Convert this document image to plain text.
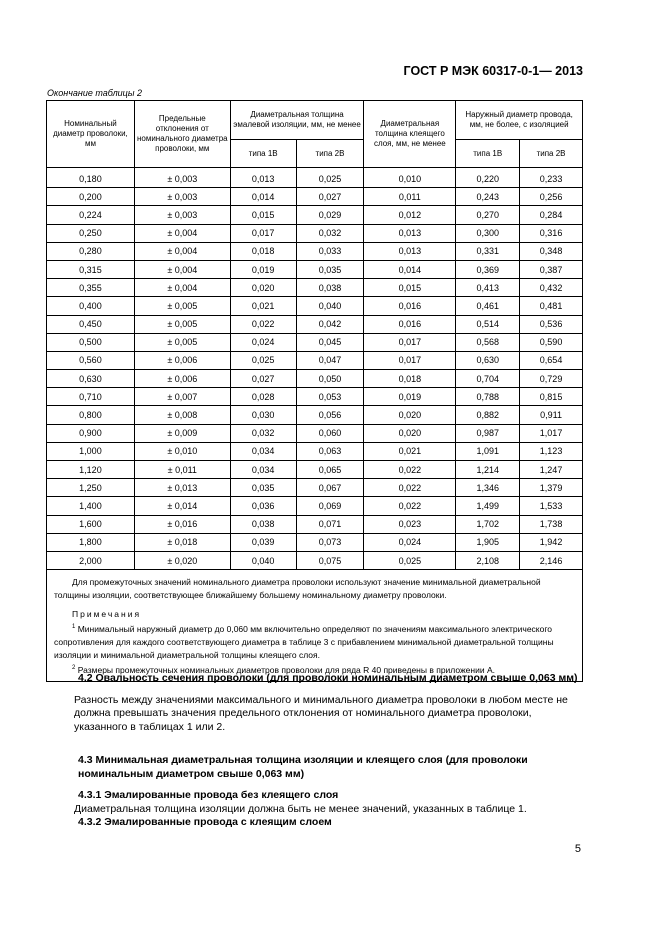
ГОСТ Р МЭК 60317-0-1— 2013
Окончание таблицы 2
Номинальный диаметр проволоки, мм	Предельные отклонения от номинального диаметра проволоки, мм	Диаметральная толщина эмалевой изоляции, мм, не менее		Диаметральная толщина клеящего слоя, мм, не менее	Наружный диаметр провода, мм, не более, с изоляцией	
		типа 1В	типа 2В		типа 1В	типа 2В
0,180	± 0,003	0,013	0,025	0,010	0,220	0,233
0,200	± 0,003	0,014	0,027	0,011	0,243	0,256
0,224	± 0,003	0,015	0,029	0,012	0,270	0,284
0,250	± 0,004	0,017	0,032	0,013	0,300	0,316
0,280	± 0,004	0,018	0,033	0,013	0,331	0,348
0,315	± 0,004	0,019	0,035	0,014	0,369	0,387
0,355	± 0,004	0,020	0,038	0,015	0,413	0,432
0,400	± 0,005	0,021	0,040	0,016	0,461	0,481
0,450	± 0,005	0,022	0,042	0,016	0,514	0,536
0,500	± 0,005	0,024	0,045	0,017	0,568	0,590
0,560	± 0,006	0,025	0,047	0,017	0,630	0,654
0,630	± 0,006	0,027	0,050	0,018	0,704	0,729
0,710	± 0,007	0,028	0,053	0,019	0,788	0,815
0,800	± 0,008	0,030	0,056	0,020	0,882	0,911
0,900	± 0,009	0,032	0,060	0,020	0,987	1,017
1,000	± 0,010	0,034	0,063	0,021	1,091	1,123
1,120	± 0,011	0,034	0,065	0,022	1,214	1,247
1,250	± 0,013	0,035	0,067	0,022	1,346	1,379
1,400	± 0,014	0,036	0,069	0,022	1,499	1,533
1,600	± 0,016	0,038	0,071	0,023	1,702	1,738
1,800	± 0,018	0,039	0,073	0,024	1,905	1,942
2,000	± 0,020	0,040	0,075	0,025	2,108	2,146

Для промежуточных значений номинального диаметра проволоки используют значение минимальной диаметральной толщины изоляции, соответствующее ближайшему большему номинальному диаметру проволоки.

Примечания

$^1$ Минимальный наружный диаметр до 0,060 мм включительно определяют по значениям максимального электрического сопротивления для каждого соответствующего диаметра в таблице 3 с прибавлением минимальной диаметральной толщины изоляции и минимальной диаметральной толщины клеящего слоя.

$^2$ Размеры промежуточных номинальных диаметров проволоки для ряда R 40 приведены в приложении А.						

4.2 Овальность сечения проволоки (для проволоки номинальным диаметром свыше 0,063 мм)

Разность между значениями максимального и минимального диаметра проволоки в любом месте не должна превышать значения предельного отклонения от номинального диаметра проволоки, указанного в таблицах 1 или 2.

4.3 Минимальная диаметральная толщина изоляции и клеящего слоя (для проволоки номинальным диаметром свыше 0,063 мм)

4.3.1 Эмалированные провода без клеящего слоя

Диаметральная толщина изоляции должна быть не менее значений, указанных в таблице 1.

4.3.2 Эмалированные провода с клеящим слоем

5
